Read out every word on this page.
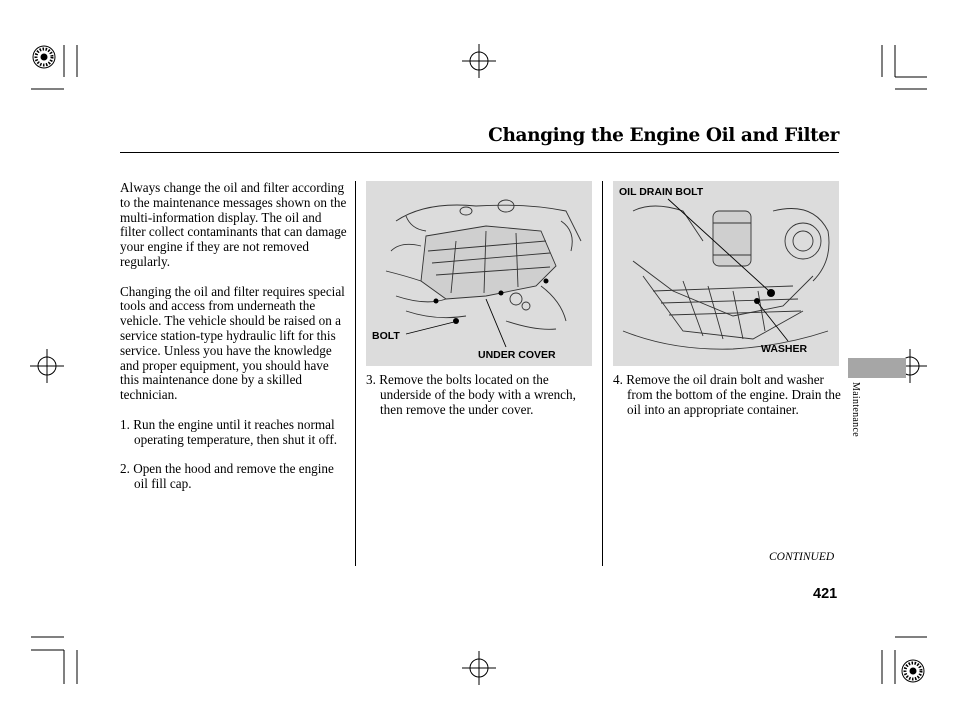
Changing the Engine Oil and Filter

Always change the oil and filter according to the maintenance messages shown on the multi-information display. The oil and filter collect contaminants that can damage your engine if they are not removed regularly.

Changing the oil and filter requires special tools and access from underneath the vehicle. The vehicle should be raised on a service station-type hydraulic lift for this service. Unless you have the knowledge and proper equipment, you should have this maintenance done by a skilled technician.

1. Run the engine until it reaches normal operating temperature, then shut it off.

2. Open the hood and remove the engine oil fill cap.

BOLT
UNDER COVER

3. Remove the bolts located on the underside of the body with a wrench, then remove the under cover.

OIL DRAIN BOLT
WASHER

4. Remove the oil drain bolt and washer from the bottom of the engine. Drain the oil into an appropriate container.	Maintenance
CONTINUED
421
